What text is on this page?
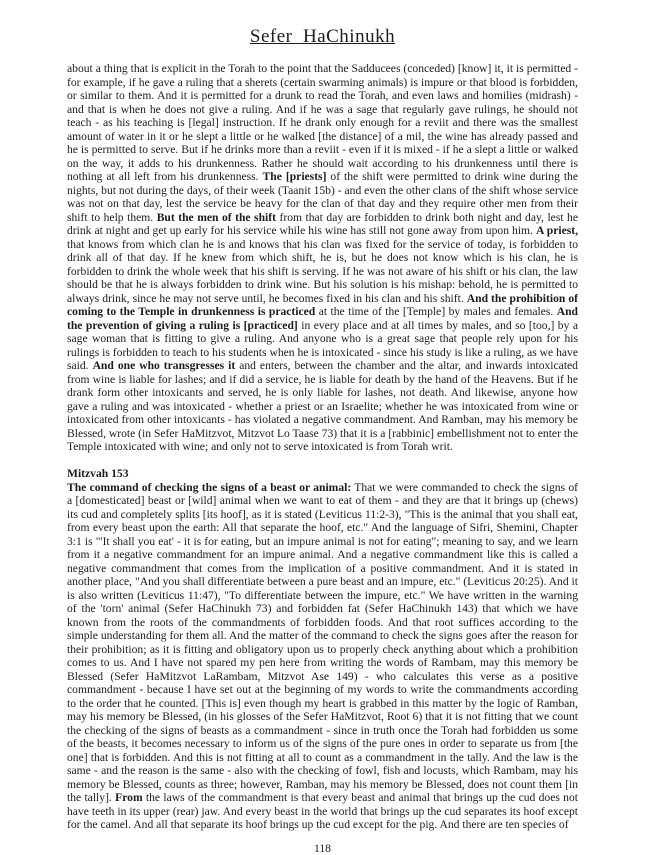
Sefer  HaChinukh

about a thing that is explicit in the Torah to the point that the Sadducees (conceded) [know] it, it is permitted - for example, if he gave a ruling that a sherets (certain swarming animals) is impure or that blood is forbidden, or similar to them. And it is permitted for a drunk to read the Torah, and even laws and homilies (midrash) - and that is when he does not give a ruling. And if he was a sage that regularly gave rulings, he should not teach - as his teaching is [legal] instruction. If he drank only enough for a reviit and there was the smallest amount of water in it or he slept a little or he walked [the distance] of a mil, the wine has already passed and he is permitted to serve. But if he drinks more than a reviit - even if it is mixed - if he a slept a little or walked on the way, it adds to his drunkenness. Rather he should wait according to his drunkenness until there is nothing at all left from his drunkenness. The [priests] of the shift were permitted to drink wine during the nights, but not during the days, of their week (Taanit 15b) - and even the other clans of the shift whose service was not on that day, lest the service be heavy for the clan of that day and they require other men from their shift to help them. But the men of the shift from that day are forbidden to drink both night and day, lest he drink at night and get up early for his service while his wine has still not gone away from upon him. A priest, that knows from which clan he is and knows that his clan was fixed for the service of today, is forbidden to drink all of that day. If he knew from which shift, he is, but he does not know which is his clan, he is forbidden to drink the whole week that his shift is serving. If he was not aware of his shift or his clan, the law should be that he is always forbidden to drink wine. But his solution is his mishap: behold, he is permitted to always drink, since he may not serve until, he becomes fixed in his clan and his shift. And the prohibition of coming to the Temple in drunkenness is practiced at the time of the [Temple] by males and females. And the prevention of giving a ruling is [practiced] in every place and at all times by males, and so [too,] by a sage woman that is fitting to give a ruling. And anyone who is a great sage that people rely upon for his rulings is forbidden to teach to his students when he is intoxicated - since his study is like a ruling, as we have said. And one who transgresses it and enters, between the chamber and the altar, and inwards intoxicated from wine is liable for lashes; and if did a service, he is liable for death by the hand of the Heavens. But if he drank form other intoxicants and served, he is only liable for lashes, not death. And likewise, anyone how gave a ruling and was intoxicated - whether a priest or an Israelite; whether he was intoxicated from wine or intoxicated from other intoxicants - has violated a negative commandment. And Ramban, may his memory be Blessed, wrote (in Sefer HaMitzvot, Mitzvot Lo Taase 73) that it is a [rabbinic] embellishment not to enter the Temple intoxicated with wine; and only not to serve intoxicated is from Torah writ.

Mitzvah 153

The command of checking the signs of a beast or animal: That we were commanded to check the signs of a [domesticated] beast or [wild] animal when we want to eat of them - and they are that it brings up (chews) its cud and completely splits [its hoof], as it is stated (Leviticus 11:2-3), "This is the animal that you shall eat, from every beast upon the earth: All that separate the hoof, etc." And the language of Sifri, Shemini, Chapter 3:1 is "'It shall you eat' - it is for eating, but an impure animal is not for eating"; meaning to say, and we learn from it a negative commandment for an impure animal. And a negative commandment like this is called a negative commandment that comes from the implication of a positive commandment. And it is stated in another place, "And you shall differentiate between a pure beast and an impure, etc." (Leviticus 20:25). And it is also written (Leviticus 11:47), "To differentiate between the impure, etc." We have written in the warning of the 'torn' animal (Sefer HaChinukh 73) and forbidden fat (Sefer HaChinukh 143) that which we have known from the roots of the commandments of forbidden foods. And that root suffices according to the simple understanding for them all. And the matter of the command to check the signs goes after the reason for their prohibition; as it is fitting and obligatory upon us to properly check anything about which a prohibition comes to us. And I have not spared my pen here from writing the words of Rambam, may this memory be Blessed (Sefer HaMitzvot LaRambam, Mitzvot Ase 149) - who calculates this verse as a positive commandment - because I have set out at the beginning of my words to write the commandments according to the order that he counted. [This is] even though my heart is grabbed in this matter by the logic of Ramban, may his memory be Blessed, (in his glosses of the Sefer HaMitzvot, Root 6) that it is not fitting that we count the checking of the signs of beasts as a commandment - since in truth once the Torah had forbidden us some of the beasts, it becomes necessary to inform us of the signs of the pure ones in order to separate us from [the one] that is forbidden. And this is not fitting at all to count as a commandment in the tally. And the law is the same - and the reason is the same - also with the checking of fowl, fish and locusts, which Rambam, may his memory be Blessed, counts as three; however, Ramban, may his memory be Blessed, does not count them [in the tally]. From the laws of the commandment is that every beast and animal that brings up the cud does not have teeth in its upper (rear) jaw. And every beast in the world that brings up the cud separates its hoof except for the camel. And all that separate its hoof brings up the cud except for the pig. And there are ten species of

118
